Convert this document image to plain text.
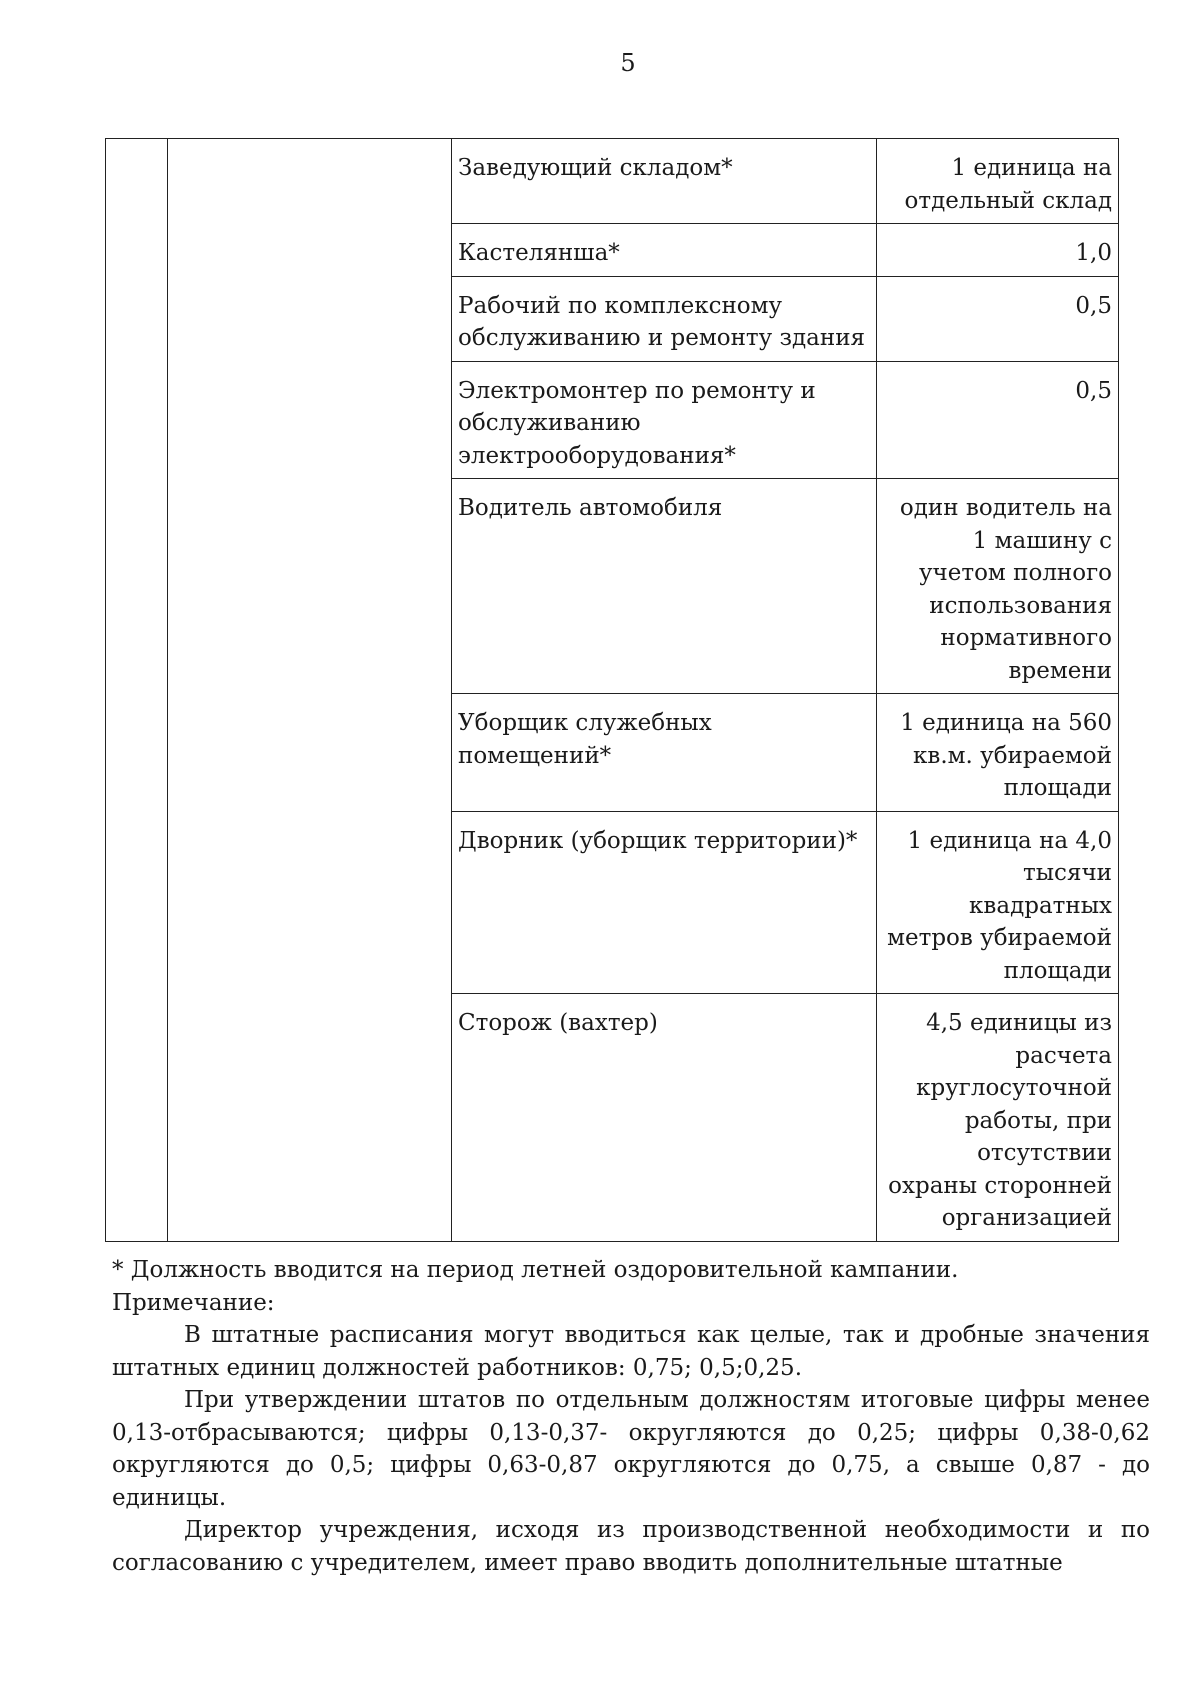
5
		Заведующий складом*	1 единица на отдельный склад
		Кастелянша*	1,0
		Рабочий по комплексному обслуживанию и ремонту здания	0,5
		Электромонтер по ремонту и обслуживанию электрооборудования*	0,5
		Водитель автомобиля	один водитель на 1 машину с учетом полного использования нормативного времени
		Уборщик служебных помещений*	1 единица на 560 кв.м. убираемой площади
		Дворник (уборщик территории)*	1 единица на 4,0 тысячи квадратных метров убираемой площади
		Сторож (вахтер)	4,5 единицы из расчета круглосуточной работы, при отсутствии охраны сторонней организацией

* Должность вводится на период летней оздоровительной кампании.

Примечание:

В штатные расписания могут вводиться как целые, так и дробные значения штатных единиц должностей работников: 0,75; 0,5;0,25.

При утверждении штатов по отдельным должностям итоговые цифры менее 0,13-отбрасываются; цифры 0,13-0,37- округляются до 0,25; цифры 0,38-0,62 округляются до 0,5; цифры 0,63-0,87 округляются до 0,75, а свыше 0,87 - до единицы.

Директор учреждения, исходя из производственной необходимости и по согласованию с учредителем, имеет право вводить дополнительные штатные
